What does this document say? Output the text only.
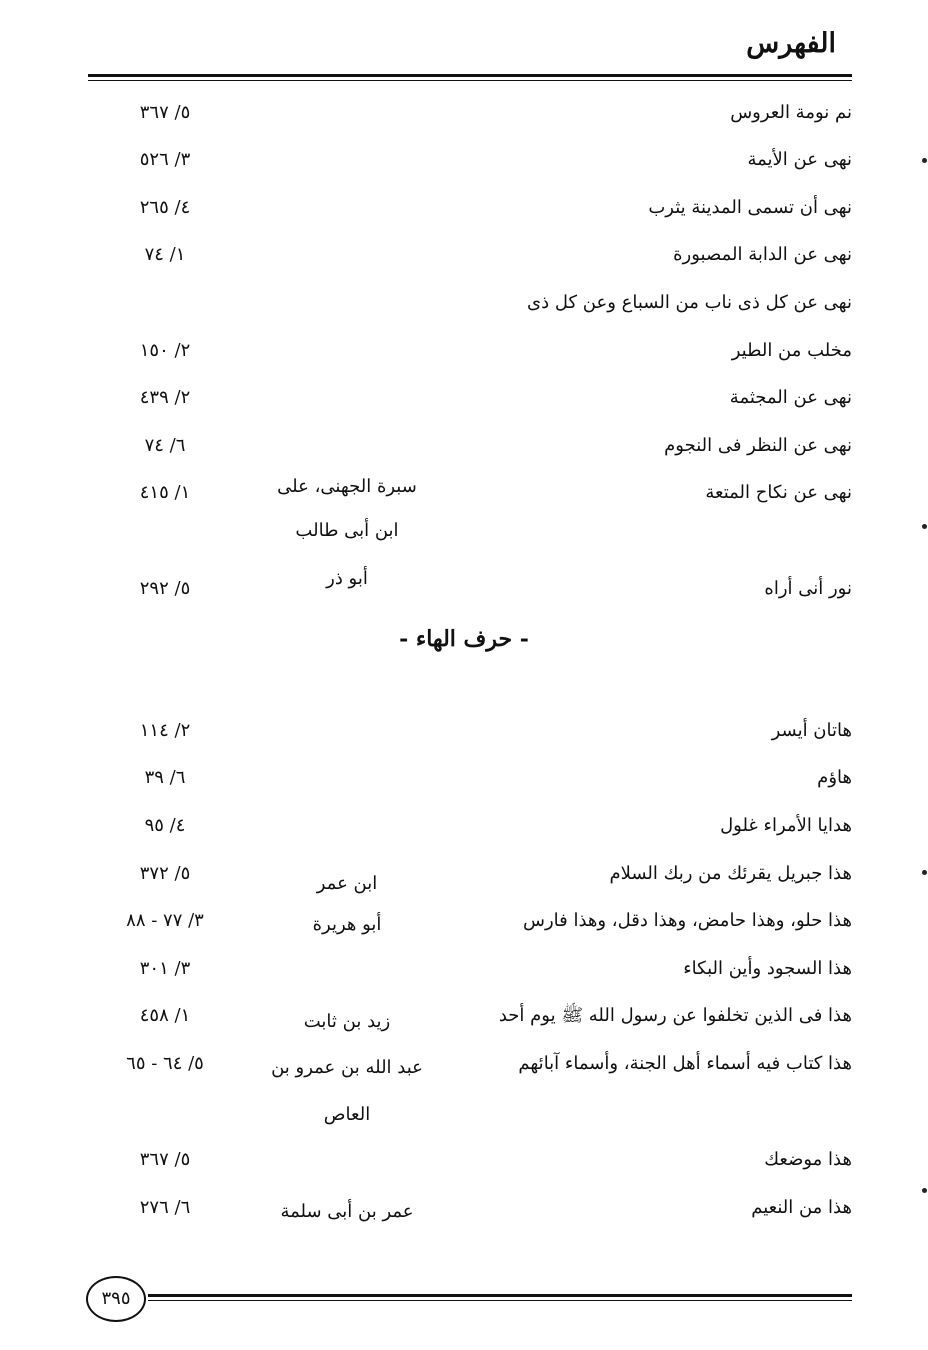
الفهرس
نم نومة العروس
٥/ ٣٦٧
نهى عن الأيمة
٣/ ٥٢٦
نهى أن تسمى المدينة يثرب
٤/ ٢٦٥
نهى عن الدابة المصبورة
١/ ٧٤
نهى عن كل ذى ناب من السباع وعن كل ذى
مخلب من الطير
٢/ ١٥٠
نهى عن المجثمة
٢/ ٤٣٩
نهى عن النظر فى النجوم
٦/ ٧٤
نهى عن نكاح المتعة
سبرة الجهنى، على
١/ ٤١٥
ابن أبى طالب
نور أنى أراه
أبو ذر
٥/ ٢٩٢
- حرف الهاء -
هاتان أيسر
٢/ ١١٤
هاؤم
٦/ ٣٩
هدايا الأمراء غلول
٤/ ٩٥
هذا جبريل يقرئك من ربك السلام
ابن عمر
٥/ ٣٧٢
هذا حلو، وهذا حامض، وهذا دقل، وهذا فارس
أبو هريرة
٣/ ٧٧ - ٨٨
هذا السجود وأين البكاء
٣/ ٣٠١
هذا فى الذين تخلفوا عن رسول الله ﷺ يوم أحد
زيد بن ثابت
١/ ٤٥٨
هذا كتاب فيه أسماء أهل الجنة، وأسماء آبائهم
عبد الله بن عمرو بن
٥/ ٦٤ - ٦٥
العاص
هذا موضعك
٥/ ٣٦٧
هذا من النعيم
عمر بن أبى سلمة
٦/ ٢٧٦
٣٩٥
